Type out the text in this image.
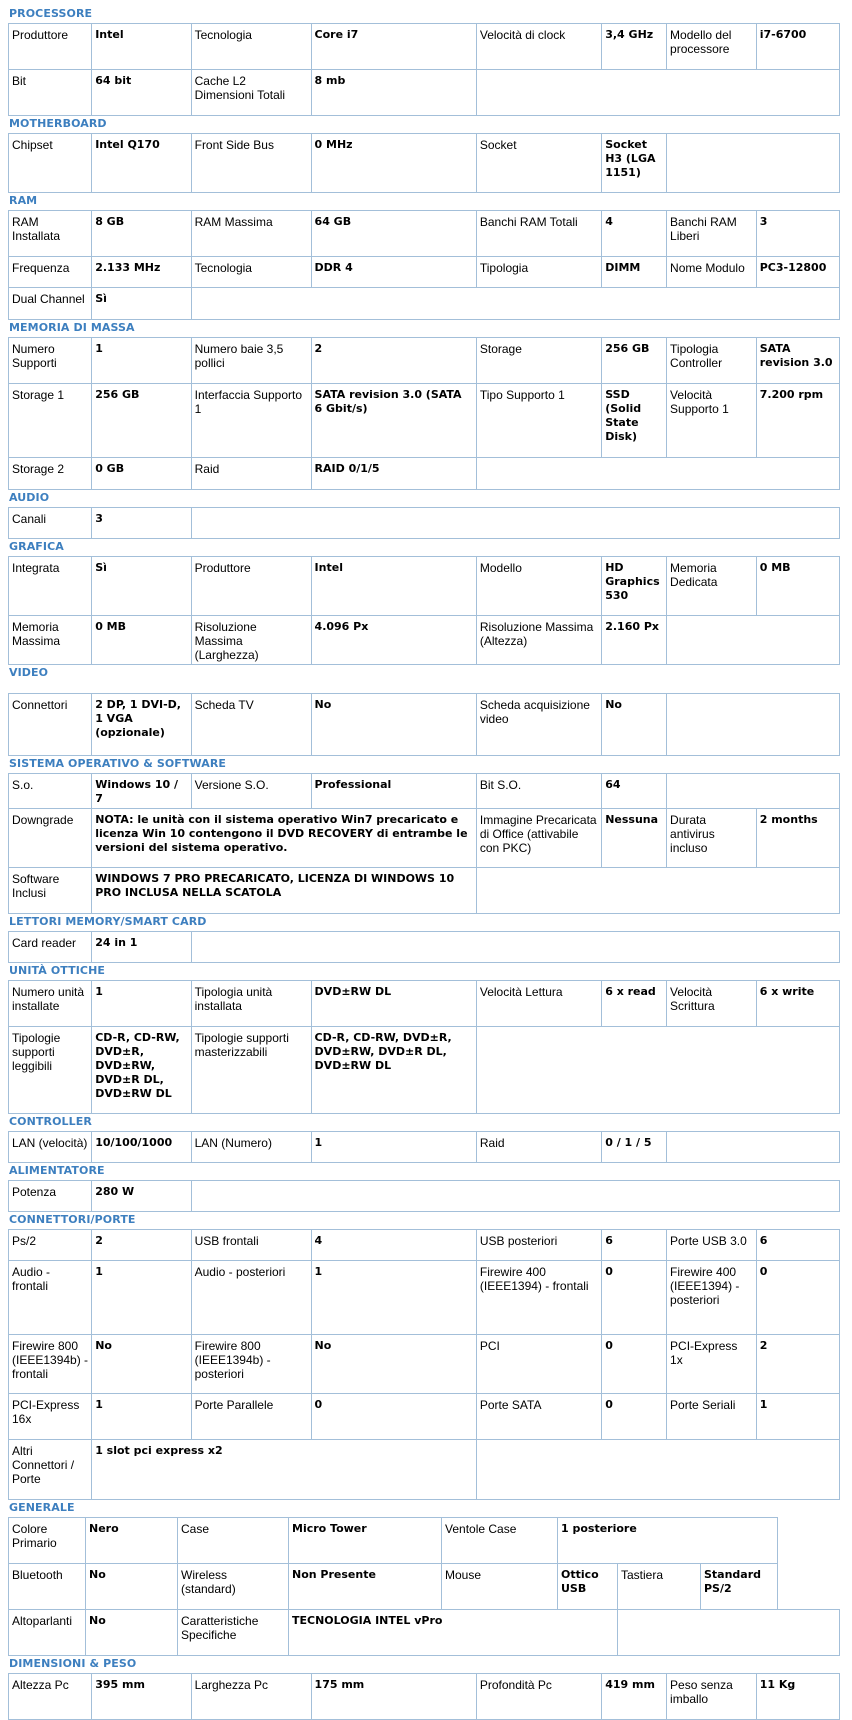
PROCESSORE
Produttore	Intel	Tecnologia	Core i7	Velocità di clock	3,4 GHz	Modello del processore	i7-6700
Bit	64 bit	Cache L2 Dimensioni Totali	8 mb				
MOTHERBOARD
Chipset	Intel Q170	Front Side Bus	0 MHz	Socket	Socket H3 (LGA 1151)	
RAM
RAM Installata	8 GB	RAM Massima	64 GB	Banchi RAM Totali	4	Banchi RAM Liberi	3
Frequenza	2.133 MHz	Tecnologia	DDR 4	Tipologia	DIMM	Nome Modulo	PC3-12800
Dual Channel	Sì						
MEMORIA DI MASSA
Numero Supporti	1	Numero baie 3,5 pollici	2	Storage	256 GB	Tipologia Controller	SATA revision 3.0
Storage 1	256 GB	Interfaccia Supporto 1	SATA revision 3.0 (SATA 6 Gbit/s)	Tipo Supporto 1	SSD (Solid State Disk)	Velocità Supporto 1	7.200 rpm
Storage 2	0 GB	Raid	RAID 0/1/5				
AUDIO
Canali	3	
GRAFICA
Integrata	Sì	Produttore	Intel	Modello	HD Graphics 530	Memoria Dedicata	0 MB
Memoria Massima	0 MB	Risoluzione Massima (Larghezza)	4.096 Px	Risoluzione Massima (Altezza)	2.160 Px		
VIDEO
Connettori	2 DP, 1 DVI-D, 1 VGA (opzionale)	Scheda TV	No	Scheda acquisizione video	No	
SISTEMA OPERATIVO & SOFTWARE
S.o.	Windows 10 / 7	Versione S.O.	Professional	Bit S.O.	64		
Downgrade	NOTA: le unità con il sistema operativo Win7 precaricato e licenza Win 10 contengono il DVD RECOVERY di entrambe le versioni del sistema operativo.			Immagine Precaricata di Office (attivabile con PKC)	Nessuna	Durata antivirus incluso	2 months
Software Inclusi	WINDOWS 7 PRO PRECARICATO, LICENZA DI WINDOWS 10 PRO INCLUSA NELLA SCATOLA						
LETTORI MEMORY/SMART CARD
Card reader	24 in 1	
UNITÀ OTTICHE
Numero unità installate	1	Tipologia unità installata	DVD±RW DL	Velocità Lettura	6 x read	Velocità Scrittura	6 x write
Tipologie supporti leggibili	CD-R, CD-RW, DVD±R, DVD±RW, DVD±R DL, DVD±RW DL	Tipologie supporti masterizzabili	CD-R, CD-RW, DVD±R, DVD±RW, DVD±R DL, DVD±RW DL				
CONTROLLER
LAN (velocità)	10/100/1000	LAN (Numero)	1	Raid	0 / 1 / 5	
ALIMENTATORE
Potenza	280 W	
CONNETTORI/PORTE
Ps/2	2	USB frontali	4	USB posteriori	6	Porte USB 3.0	6
Audio - frontali	1	Audio - posteriori	1	Firewire 400 (IEEE1394) - frontali	0	Firewire 400 (IEEE1394) - posteriori	0
Firewire 800 (IEEE1394b) - frontali	No	Firewire 800 (IEEE1394b) - posteriori	No	PCI	0	PCI-Express 1x	2
PCI-Express 16x	1	Porte Parallele	0	Porte SATA	0	Porte Seriali	1
Altri Connettori / Porte	1 slot pci express x2						
GENERALE
Colore Primario	Nero	Case	Micro Tower	Ventole Case	1 posteriore		
Bluetooth	No	Wireless (standard)	Non Presente	Mouse	Ottico USB	Tastiera	Standard PS/2
Altoparlanti	No	Caratteristiche Specifiche	TECNOLOGIA INTEL vPro				
DIMENSIONI & PESO
Altezza Pc	395 mm	Larghezza Pc	175 mm	Profondità Pc	419 mm	Peso senza imballo	11 Kg
